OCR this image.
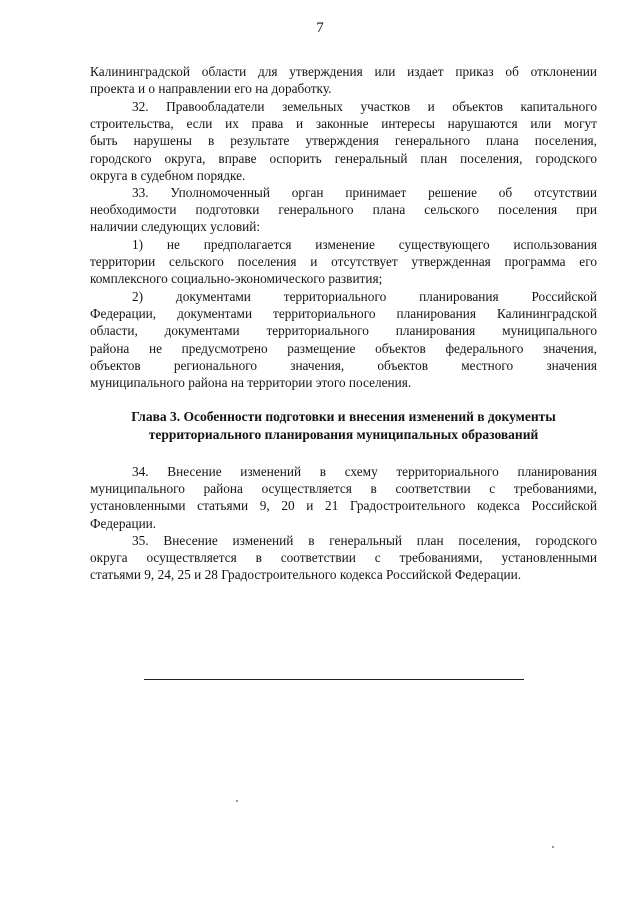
7
Калининградской области для утверждения или издает приказ об отклонении
проекта и о направлении его на доработку.
32. Правообладатели земельных участков и объектов капитального
строительства, если их права и законные интересы нарушаются или могут
быть нарушены в результате утверждения генерального плана поселения,
городского округа, вправе оспорить генеральный план поселения, городского
округа в судебном порядке.
33. Уполномоченный орган принимает решение об отсутствии
необходимости подготовки генерального плана сельского поселения при
наличии следующих условий:
1) не предполагается изменение существующего использования
территории сельского поселения и отсутствует утвержденная программа его
комплексного социально-экономического развития;
2) документами территориального планирования Российской
Федерации, документами территориального планирования Калининградской
области, документами территориального планирования муниципального
района не предусмотрено размещение объектов федерального значения,
объектов регионального значения, объектов местного значения
муниципального района на территории этого поселения.
Глава 3. Особенности подготовки и внесения изменений в документы
территориального планирования муниципальных образований
34. Внесение изменений в схему территориального планирования
муниципального района осуществляется в соответствии с требованиями,
установленными статьями 9, 20 и 21 Градостроительного кодекса Российской
Федерации.
35. Внесение изменений в генеральный план поселения, городского
округа осуществляется в соответствии с требованиями, установленными
статьями 9, 24, 25 и 28 Градостроительного кодекса Российской Федерации.
